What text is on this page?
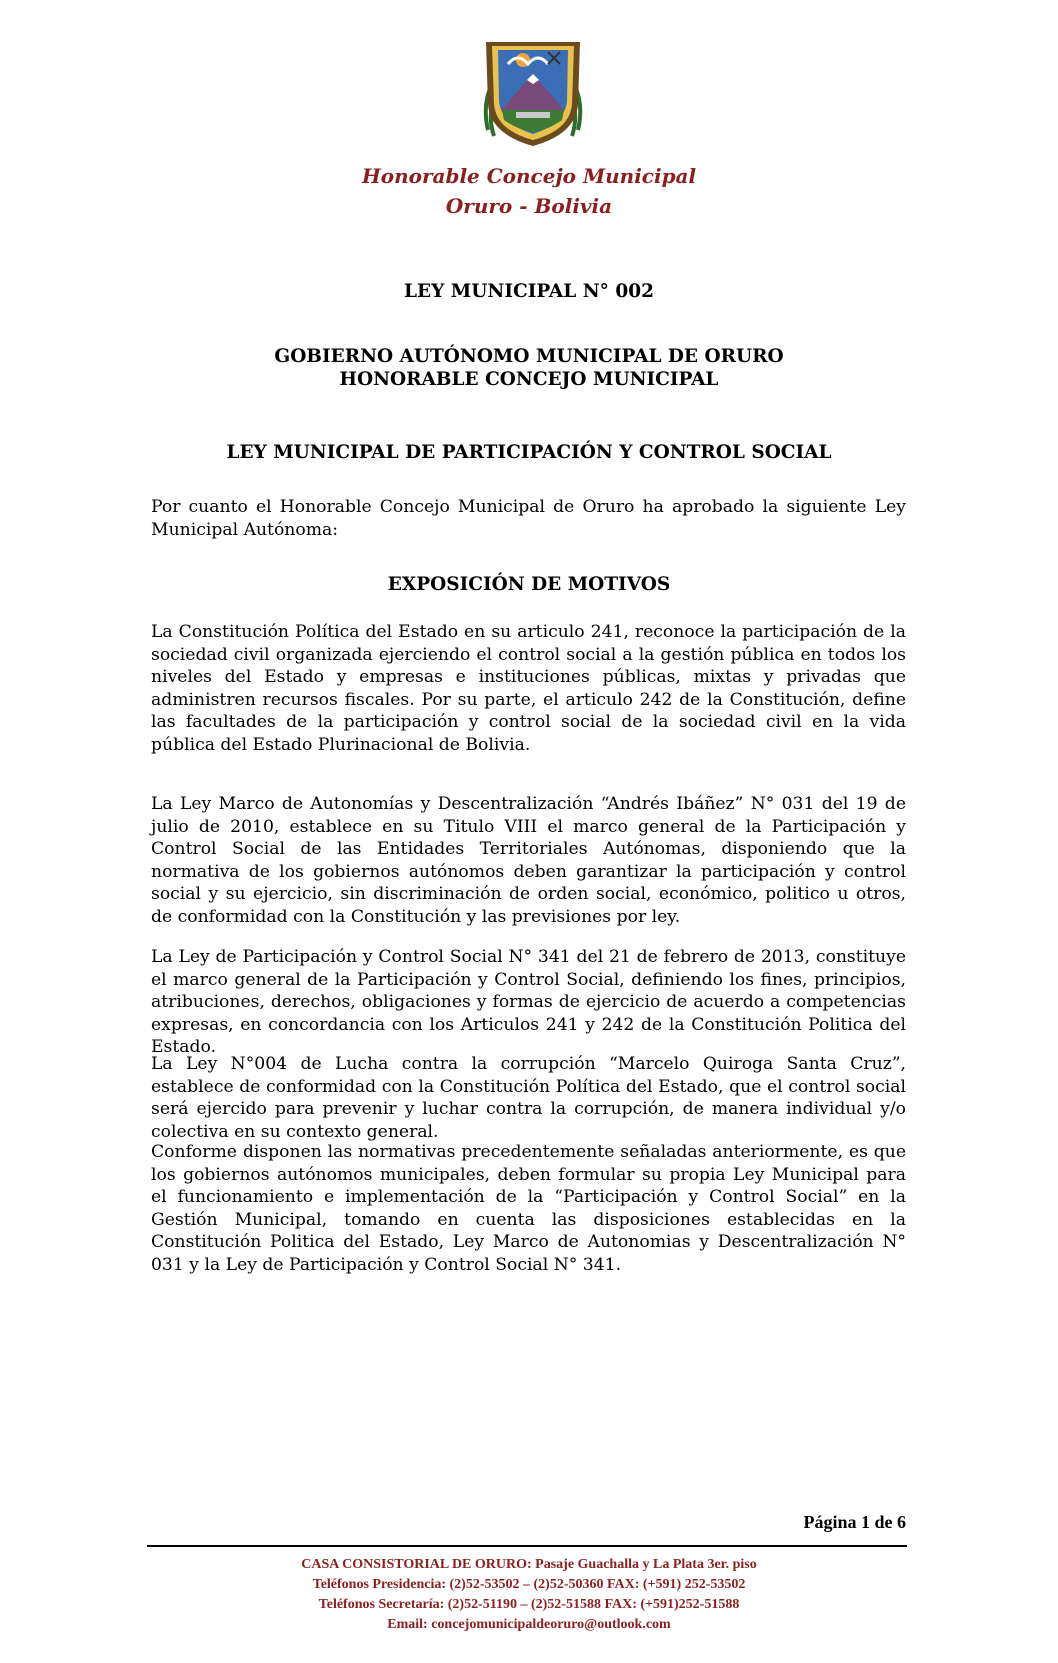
Honorable Concejo Municipal
Oruro - Bolivia
LEY MUNICIPAL N° 002
GOBIERNO AUTÓNOMO MUNICIPAL DE ORURO
HONORABLE CONCEJO MUNICIPAL
LEY MUNICIPAL DE PARTICIPACIÓN Y CONTROL SOCIAL

Por cuanto el Honorable Concejo Municipal de Oruro ha aprobado la siguiente Ley Municipal Autónoma:

EXPOSICIÓN DE MOTIVOS

La Constitución Política del Estado en su articulo 241, reconoce la participación de la sociedad civil organizada ejerciendo el control social a la gestión pública en todos los niveles del Estado y empresas e instituciones públicas, mixtas y privadas que administren recursos fiscales. Por su parte, el articulo 242 de la Constitución, define las facultades de la participación y control social de la sociedad civil en la vida pública del Estado Plurinacional de Bolivia.

La Ley Marco de Autonomías y Descentralización “Andrés Ibáñez” N° 031 del 19 de julio de 2010, establece en su Titulo VIII el marco general de la Participación y Control Social de las Entidades Territoriales Autónomas, disponiendo que la normativa de los gobiernos autónomos deben garantizar la participación y control social y su ejercicio, sin discriminación de orden social, económico, politico u otros, de conformidad con la Constitución y las previsiones por ley.

La Ley de Participación y Control Social N° 341 del 21 de febrero de 2013, constituye el marco general de la Participación y Control Social, definiendo los fines, principios, atribuciones, derechos, obligaciones y formas de ejercicio de acuerdo a competencias expresas, en concordancia con los Articulos 241 y 242 de la Constitución Politica del Estado.

La Ley N°004 de Lucha contra la corrupción “Marcelo Quiroga Santa Cruz”, establece de conformidad con la Constitución Política del Estado, que el control social será ejercido para prevenir y luchar contra la corrupción, de manera individual y/o colectiva en su contexto general.

Conforme disponen las normativas precedentemente señaladas anteriormente, es que los gobiernos autónomos municipales, deben formular su propia Ley Municipal para el funcionamiento e implementación de la “Participación y Control Social” en la Gestión Municipal, tomando en cuenta las disposiciones establecidas en la Constitución Politica del Estado, Ley Marco de Autonomias y Descentralización N° 031 y la Ley de Participación y Control Social N° 341.

Página 1 de 6
CASA CONSISTORIAL DE ORURO: Pasaje Guachalla y La Plata 3er. piso
Teléfonos Presidencia: (2)52-53502 – (2)52-50360 FAX: (+591) 252-53502
Teléfonos Secretaría: (2)52-51190 – (2)52-51588 FAX: (+591)252-51588
Email: concejomunicipaldeoruro@outlook.com
